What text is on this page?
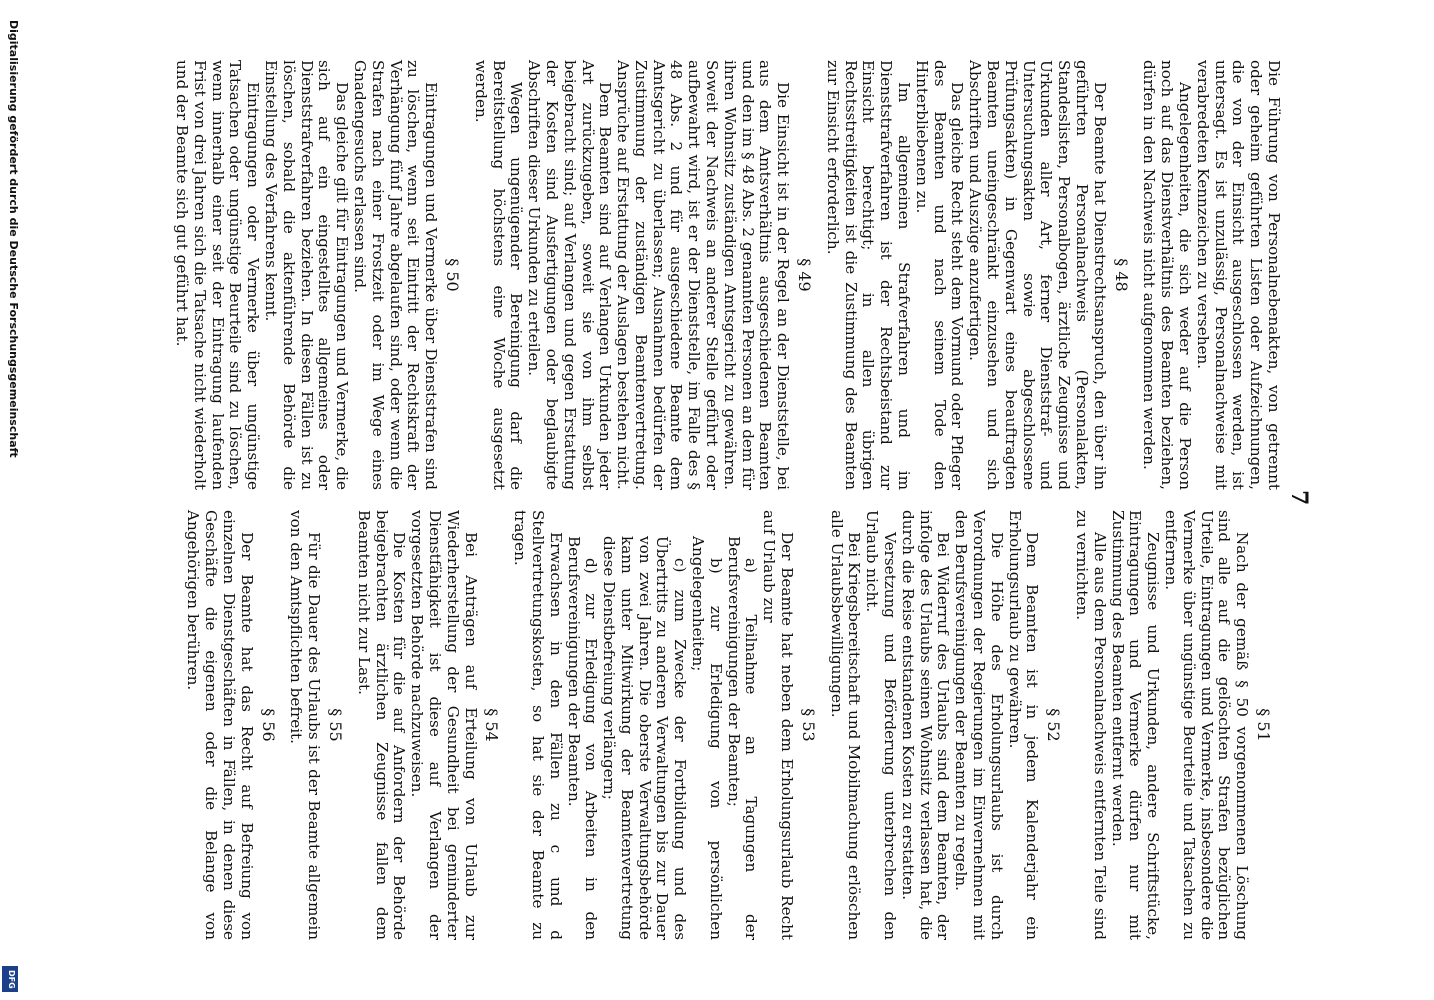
7

Die Führung von Personalnebenakten, von getrennt oder geheim geführten Listen oder Aufzeichnungen, die von der Einsicht ausgeschlossen werden, ist untersagt. Es ist unzulässig, Personalnachweise mit verabredeten Kennzeichen zu versehen.

Angelegenheiten, die sich weder auf die Person noch auf das Dienstverhältnis des Beamten beziehen, dürfen in den Nachweis nicht aufgenommen werden.

§ 48

Der Beamte hat Dienstrechtsanspruch, den über ihn geführten Personalnachweis (Personalakten, Standeslisten, Personalbogen, ärztliche Zeugnisse und Urkunden aller Art, ferner Dienststraf- und Untersuchungsakten sowie abgeschlossene Prüfungsakten) in Gegenwart eines beauftragten Beamten uneingeschränkt einzusehen und sich Abschriften und Auszüge anzufertigen.

Das gleiche Recht steht dem Vormund oder Pfleger des Beamten und nach seinem Tode den Hinterbliebenen zu.

Im allgemeinen Strafverfahren und im Dienststrafverfahren ist der Rechtsbeistand zur Einsicht berechtigt; in allen übrigen Rechtsstreitigkeiten ist die Zustimmung des Beamten zur Einsicht erforderlich.

§ 49

Die Einsicht ist in der Regel an der Dienststelle, bei aus dem Amtsverhältnis ausgeschiedenen Beamten und den im § 48 Abs. 2 genannten Personen an dem für ihren Wohnsitz zuständigen Amtsgericht zu gewähren. Soweit der Nachweis an anderer Stelle geführt oder aufbewahrt wird, ist er der Dienststelle, im Falle des § 48 Abs. 2 und für ausgeschiedene Beamte dem Amtsgericht zu überlassen; Ausnahmen bedürfen der Zustimmung der zuständigen Beamtenvertretung. Ansprüche auf Erstattung der Auslagen bestehen nicht.

Dem Beamten sind auf Verlangen Urkunden jeder Art zurückzugeben, soweit sie von ihm selbst beigebracht sind; auf Verlangen und gegen Erstattung der Kosten sind Ausfertigungen oder beglaubigte Abschriften dieser Urkunden zu erteilen.

Wegen ungenügender Bereinigung darf die Bereitstellung höchstens eine Woche ausgesetzt werden.

§ 50

Eintragungen und Vermerke über Dienststrafen sind zu löschen, wenn seit Eintritt der Rechtskraft der Verhängung fünf Jahre abgelaufen sind, oder wenn die Strafen nach einer Frostzeit oder im Wege eines Gnadengesuchs erlassen sind.

Das gleiche gilt für Eintragungen und Vermerke, die sich auf ein eingestelltes allgemeines oder Dienststrafverfahren beziehen. In diesen Fällen ist zu löschen, sobald die aktenführende Behörde die Einstellung des Verfahrens kennt.

Eintragungen oder Vermerke über ungünstige Tatsachen oder ungünstige Beurteile sind zu löschen, wenn innerhalb einer seit der Eintragung laufenden Frist von drei Jahren sich die Tatsache nicht wiederholt und der Beamte sich gut geführt hat.

§ 51

Nach der gemäß § 50 vorgenommenen Löschung sind alle auf die gelöschten Strafen bezüglichen Urteile, Eintragungen und Vermerke, insbesondere die Vermerke über ungünstige Beurteile und Tatsachen zu entfernen.

Zeugnisse und Urkunden, andere Schriftstücke, Eintragungen und Vermerke dürfen nur mit Zustimmung des Beamten entfernt werden.

Alle aus dem Personalnachweis entfernten Teile sind zu vernichten.

§ 52

Dem Beamten ist in jedem Kalenderjahr ein Erholungsurlaub zu gewähren.

Die Höhe des Erholungsurlaubs ist durch Verordnungen der Regierungen im Einvernehmen mit den Berufsvereinigungen der Beamten zu regeln.

Bei Widerruf des Urlaubs sind dem Beamten, der infolge des Urlaubs seinen Wohnsitz verlassen hat, die durch die Reise entstandenen Kosten zu erstatten.

Versetzung und Beförderung unterbrechen den Urlaub nicht.

Bei Kriegsbereitschaft und Mobilmachung erlöschen alle Urlaubsbewilligungen.

§ 53

Der Beamte hat neben dem Erholungsurlaub Recht auf Urlaub zur

a) Teilnahme an Tagungen der Berufsvereinigungen der Beamten;

b) zur Erledigung von persönlichen Angelegenheiten;

c) zum Zwecke der Fortbildung und des Übertritts zu anderen Verwaltungen bis zur Dauer von zwei Jahren. Die oberste Verwaltungsbehörde kann unter Mitwirkung der Beamtenvertretung diese Dienstbefreiung verlängern;

d) zur Erledigung von Arbeiten in den Berufsvereinigungen der Beamten.

Erwachsen in den Fällen zu c und d Stellvertretungskosten, so hat sie der Beamte zu tragen.

§ 54

Bei Anträgen auf Erteilung von Urlaub zur Wiederherstellung der Gesundheit bei geminderter Dienstfähigkeit ist diese auf Verlangen der vorgesetzten Behörde nachzuweisen.

Die Kosten für die auf Anfordern der Behörde beigebrachten ärztlichen Zeugnisse fallen dem Beamten nicht zur Last.

§ 55

Für die Dauer des Urlaubs ist der Beamte allgemein von den Amtspflichten befreit.

§ 56

Der Beamte hat das Recht auf Befreiung von einzelnen Dienstgeschäften in Fällen, in denen diese Geschäfte die eigenen oder die Belange von Angehörigen berühren.

Digitalisierung gefördert durch die Deutsche Forschungsgemeinschaft
DFG
